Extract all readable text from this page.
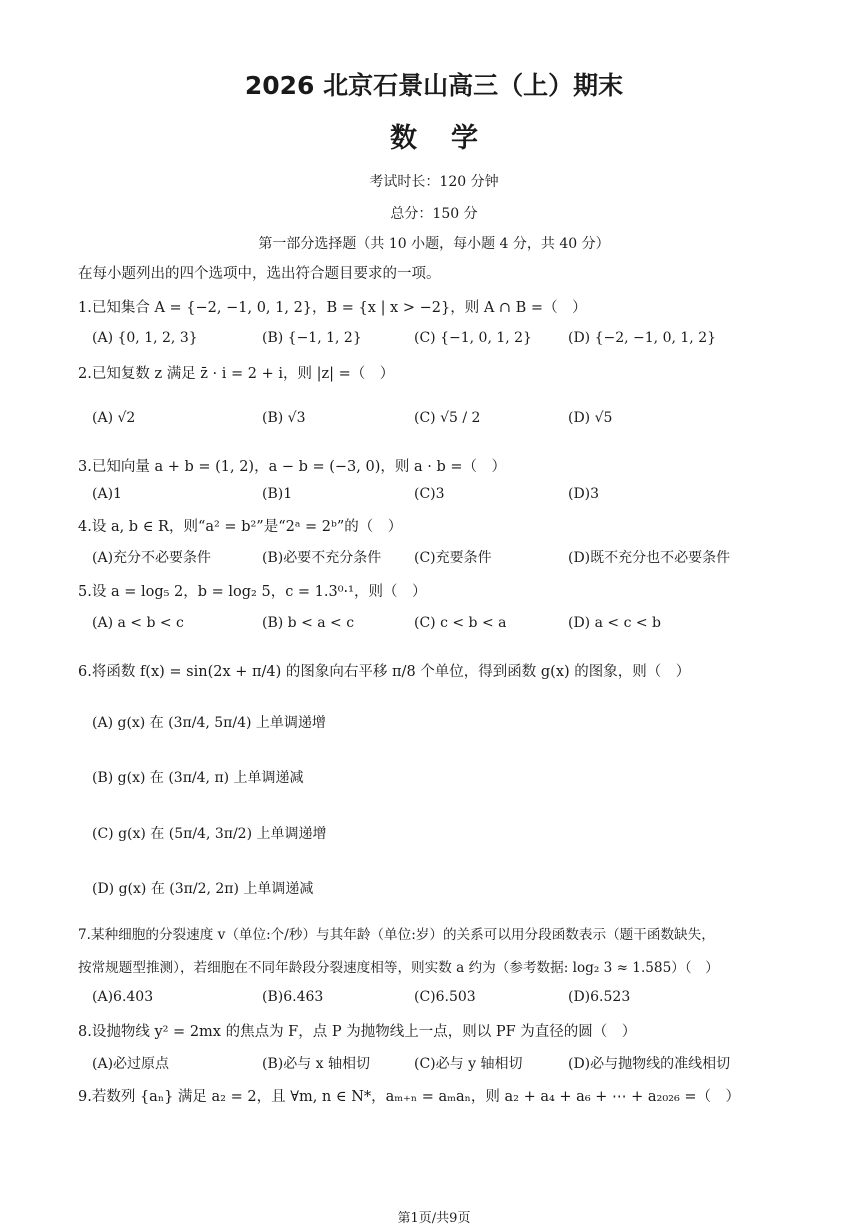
2026 北京石景山高三（上）期末
数学
考试时长：120 分钟
总分：150 分
第一部分选择题（共 10 小题，每小题 4 分，共 40 分）
在每小题列出的四个选项中，选出符合题目要求的一项。
1.已知集合 A = {−2, −1, 0, 1, 2}，B = {x | x > −2}，则 A ∩ B =（　）
(A) {0, 1, 2, 3}	(B) {−1, 1, 2}	(C) {−1, 0, 1, 2}	(D) {−2, −1, 0, 1, 2}
2.已知复数 z 满足 z̄ · i = 2 + i，则 |z| =（　）
(A) √2	(B) √3	(C) √5 / 2	(D) √5
3.已知向量 a + b = (1, 2)，a − b = (−3, 0)，则 a · b =（　）
(A)1	(B)1	(C)3	(D)3
4.设 a, b ∈ R，则“a² = b²”是“2ᵃ = 2ᵇ”的（　）
(A)充分不必要条件	(B)必要不充分条件 (C)充要条件	(D)既不充分也不必要条件
5.设 a = log₅ 2，b = log₂ 5，c = 1.3⁰·¹，则（　）
(A) a < b < c	(B) b < a < c	(C) c < b < a	(D) a < c < b
6.将函数 f(x) = sin(2x + π/4) 的图象向右平移 π/8 个单位，得到函数 g(x) 的图象，则（　）
(A) g(x) 在 (3π/4, 5π/4) 上单调递增
(B) g(x) 在 (3π/4, π) 上单调递减
(C) g(x) 在 (5π/4, 3π/2) 上单调递增
(D) g(x) 在 (3π/2, 2π) 上单调递减
7.某种细胞的分裂速度 v（单位:个/秒）与其年龄（单位:岁）的关系可以用分段函数表示（题干函数缺失，
按常规题型推测），若细胞在不同年龄段分裂速度相等，则实数 a 约为（参考数据: log₂ 3 ≈ 1.585）（　）
(A)6.403	(B)6.463	(C)6.503	(D)6.523
8.设抛物线 y² = 2mx 的焦点为 F，点 P 为抛物线上一点，则以 PF 为直径的圆（　）
(A)必过原点	(B)必与 x 轴相切	(C)必与 y 轴相切	(D)必与抛物线的准线相切
9.若数列 {aₙ} 满足 a₂ = 2，且 ∀m, n ∈ N*，aₘ₊ₙ = aₘaₙ，则 a₂ + a₄ + a₆ + ⋯ + a₂₀₂₆ =（　）
第1页/共9页
